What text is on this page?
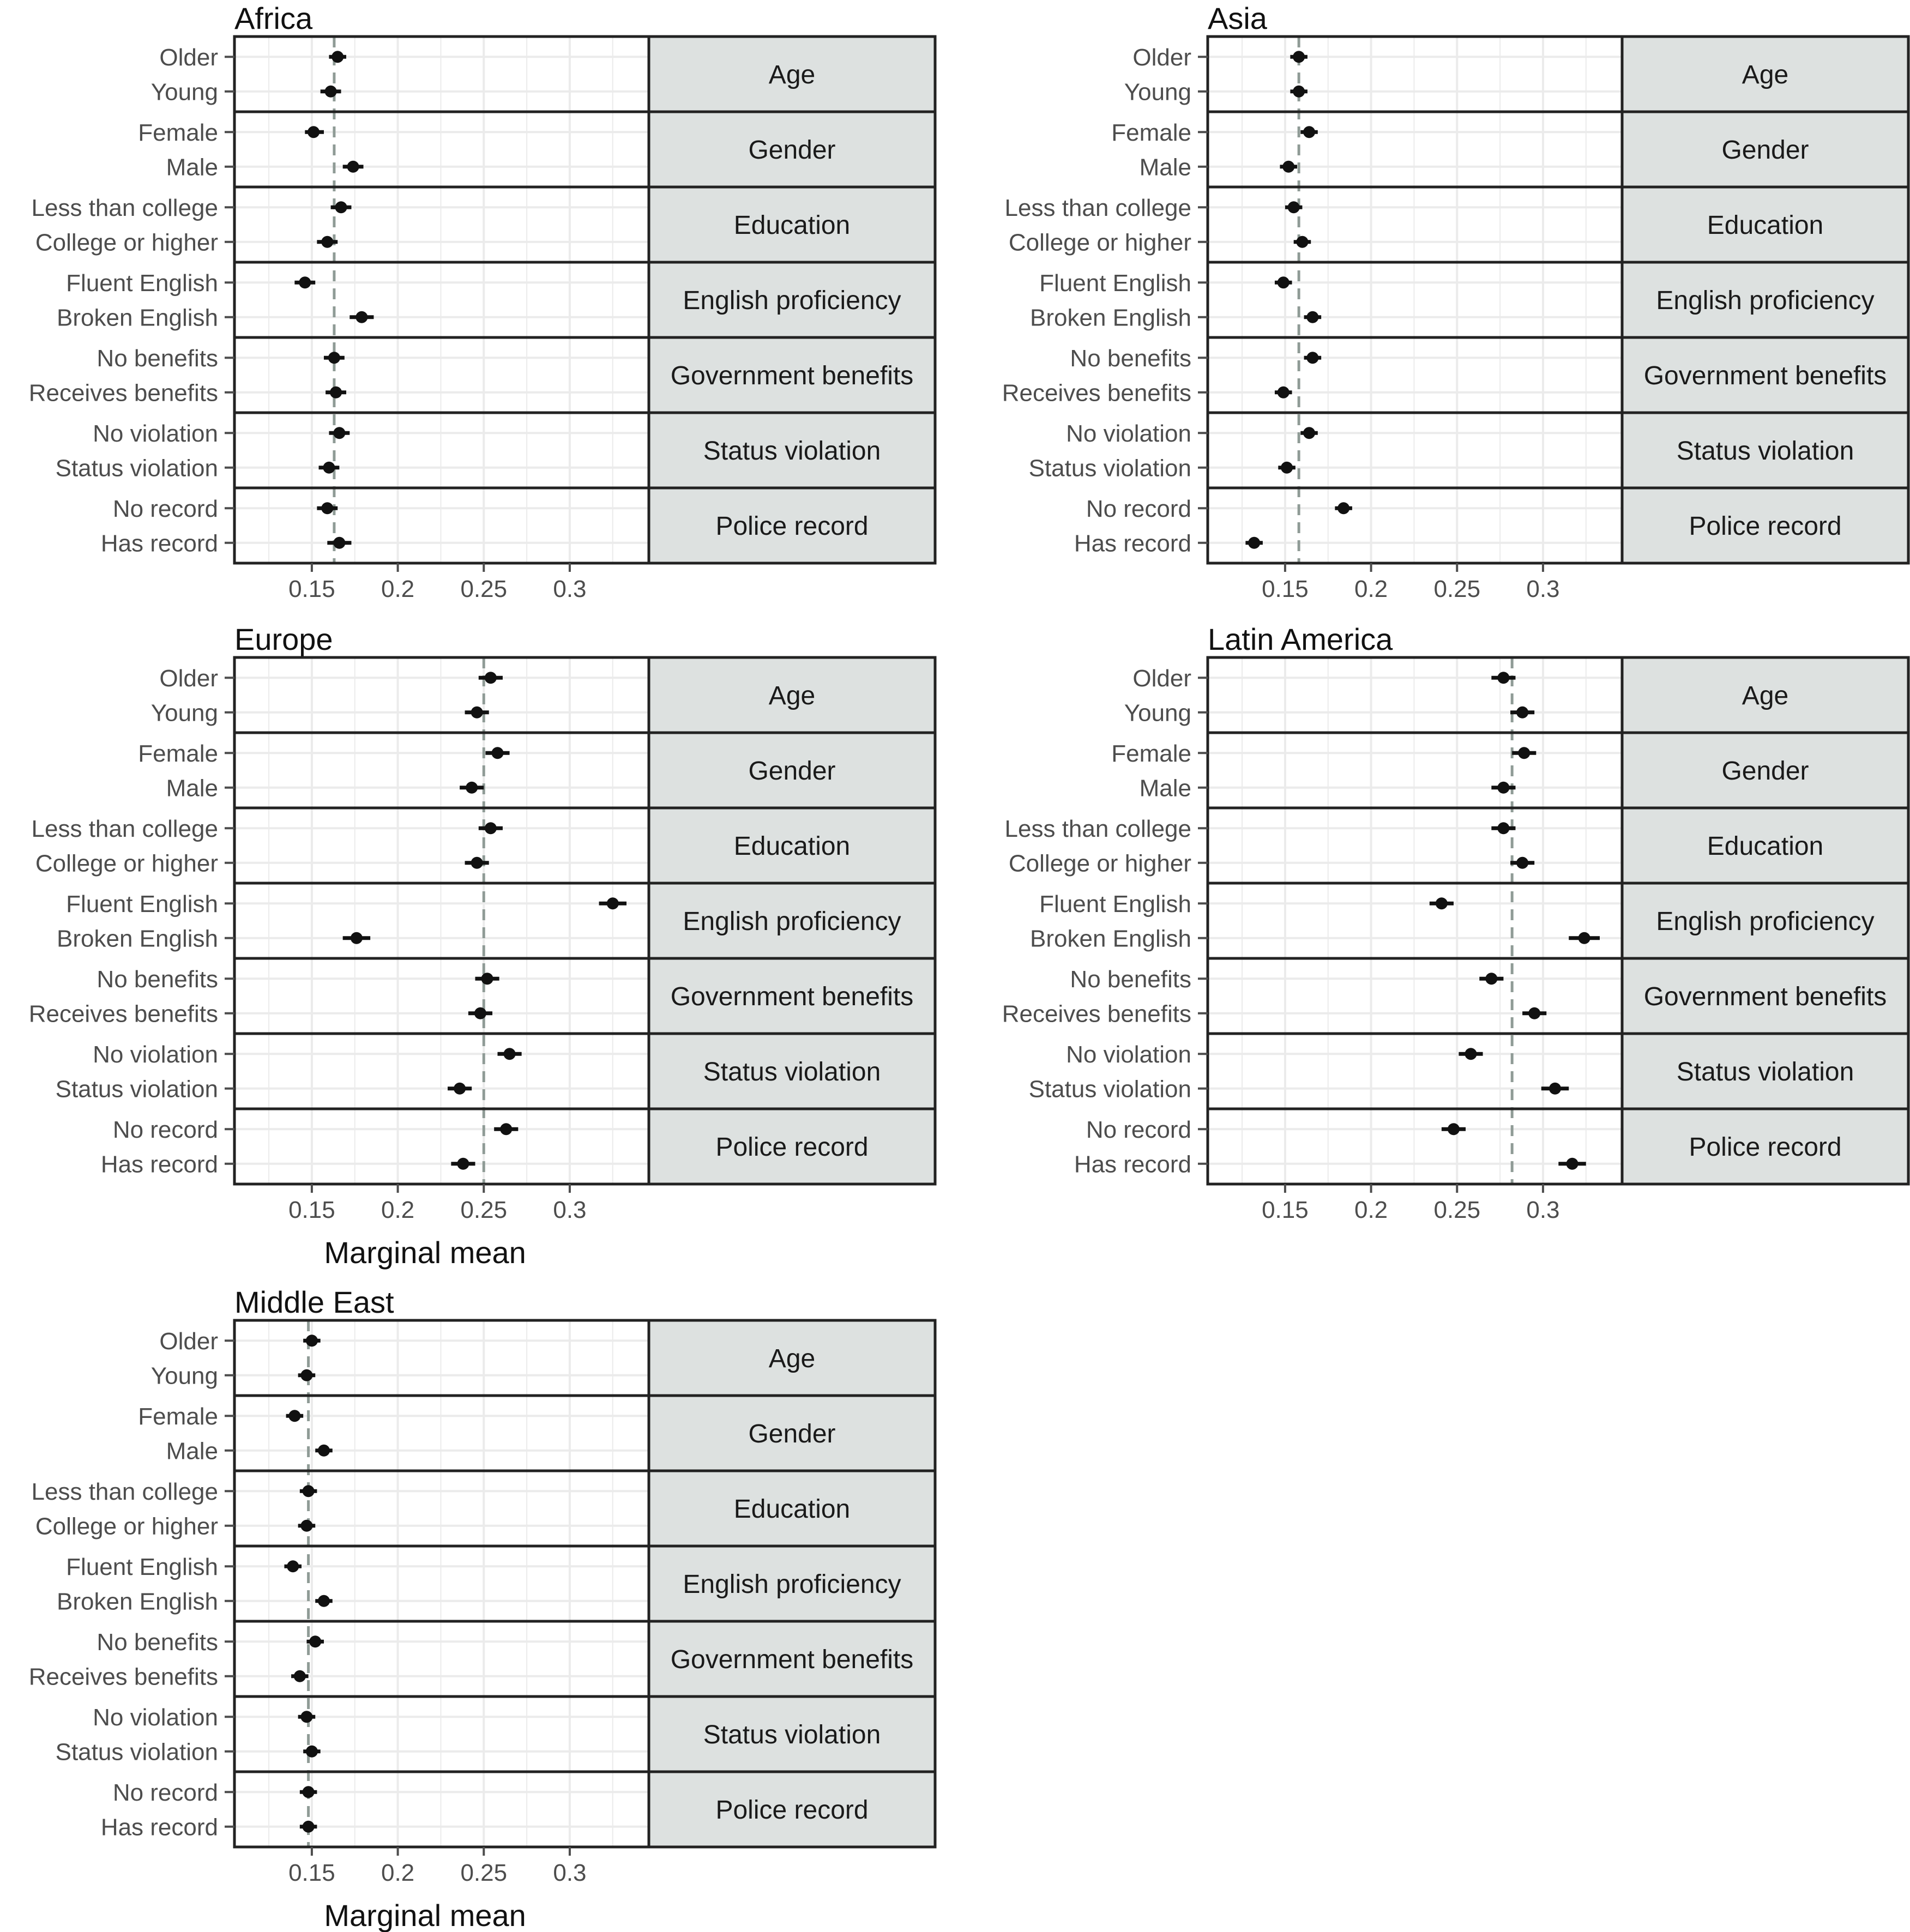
Africa
Age
Older
Young
Gender
Female
Male
Education
Less than college
College or higher
English proficiency
Fluent English
Broken English
Government benefits
No benefits
Receives benefits
Status violation
No violation
Status violation
Police record
No record
Has record
0.15 0.2 0.25 0.3
Asia
Age
Older
Young
Gender
Female
Male
Education
Less than college
College or higher
English proficiency
Fluent English
Broken English
Government benefits
No benefits
Receives benefits
Status violation
No violation
Status violation
Police record
No record
Has record
0.15 0.2 0.25 0.3
Europe
Age
Older
Young
Gender
Female
Male
Education
Less than college
College or higher
English proficiency
Fluent English
Broken English
Government benefits
No benefits
Receives benefits
Status violation
No violation
Status violation
Police record
No record
Has record
0.15 0.2 0.25 0.3
Marginal mean
Latin America
Age
Older
Young
Gender
Female
Male
Education
Less than college
College or higher
English proficiency
Fluent English
Broken English
Government benefits
No benefits
Receives benefits
Status violation
No violation
Status violation
Police record
No record
Has record
0.15 0.2 0.25 0.3
Middle East
Age
Older
Young
Gender
Female
Male
Education
Less than college
College or higher
English proficiency
Fluent English
Broken English
Government benefits
No benefits
Receives benefits
Status violation
No violation
Status violation
Police record
No record
Has record
0.15 0.2 0.25 0.3
Marginal mean
